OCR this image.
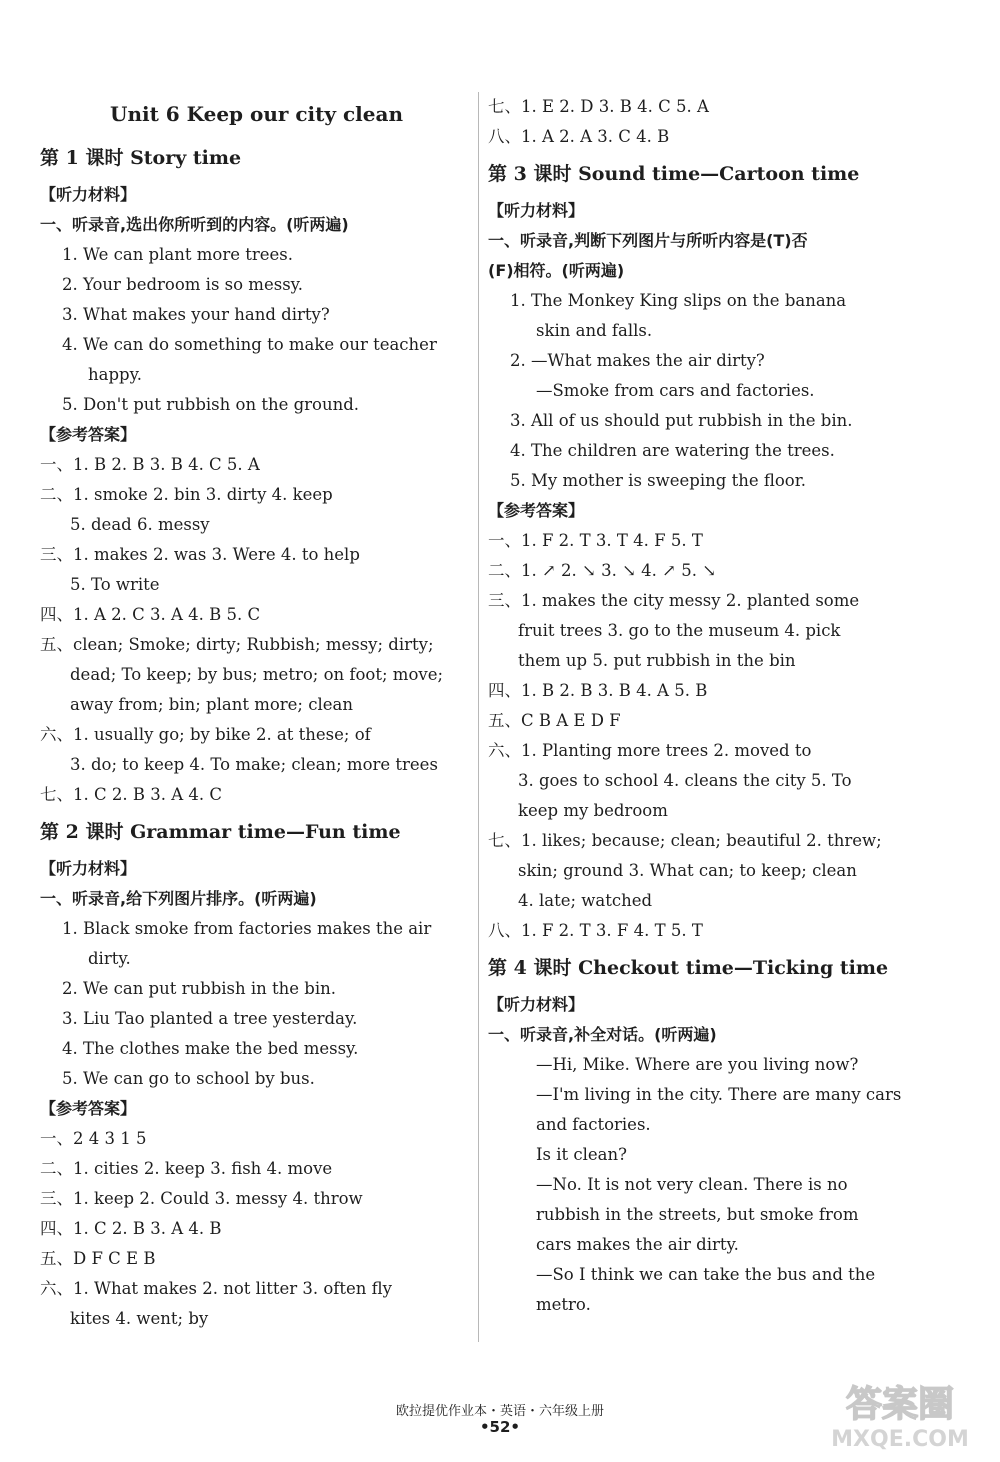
Unit 6 Keep our city clean
第 1 课时 Story time
【听力材料】
一、听录音,选出你所听到的内容。(听两遍)
1. We can plant more trees.
2. Your bedroom is so messy.
3. What makes your hand dirty?
4. We can do something to make our teacher
happy.
5. Don't put rubbish on the ground.
【参考答案】
一、1. B 2. B 3. B 4. C 5. A
二、1. smoke 2. bin 3. dirty 4. keep
5. dead 6. messy
三、1. makes 2. was 3. Were 4. to help
5. To write
四、1. A 2. C 3. A 4. B 5. C
五、clean; Smoke; dirty; Rubbish; messy; dirty;
dead; To keep; by bus; metro; on foot; move;
away from; bin; plant more; clean
六、1. usually go; by bike 2. at these; of
3. do; to keep 4. To make; clean; more trees
七、1. C 2. B 3. A 4. C
第 2 课时 Grammar time—Fun time
【听力材料】
一、听录音,给下列图片排序。(听两遍)
1. Black smoke from factories makes the air
dirty.
2. We can put rubbish in the bin.
3. Liu Tao planted a tree yesterday.
4. The clothes make the bed messy.
5. We can go to school by bus.
【参考答案】
一、2 4 3 1 5
二、1. cities 2. keep 3. fish 4. move
三、1. keep 2. Could 3. messy 4. throw
四、1. C 2. B 3. A 4. B
五、D F C E B
六、1. What makes 2. not litter 3. often fly
kites 4. went; by
七、1. E 2. D 3. B 4. C 5. A
八、1. A 2. A 3. C 4. B
第 3 课时 Sound time—Cartoon time
【听力材料】
一、听录音,判断下列图片与所听内容是(T)否
(F)相符。(听两遍)
1. The Monkey King slips on the banana
skin and falls.
2. —What makes the air dirty?
—Smoke from cars and factories.
3. All of us should put rubbish in the bin.
4. The children are watering the trees.
5. My mother is sweeping the floor.
【参考答案】
一、1. F 2. T 3. T 4. F 5. T
二、1. ↗ 2. ↘ 3. ↘ 4. ↗ 5. ↘
三、1. makes the city messy 2. planted some
fruit trees 3. go to the museum 4. pick
them up 5. put rubbish in the bin
四、1. B 2. B 3. B 4. A 5. B
五、C B A E D F
六、1. Planting more trees 2. moved to
3. goes to school 4. cleans the city 5. To
keep my bedroom
七、1. likes; because; clean; beautiful 2. threw;
skin; ground 3. What can; to keep; clean
4. late; watched
八、1. F 2. T 3. F 4. T 5. T
第 4 课时 Checkout time—Ticking time
【听力材料】
一、听录音,补全对话。(听两遍)
—Hi, Mike. Where are you living now?
—I'm living in the city. There are many cars
and factories.
Is it clean?
—No. It is not very clean. There is no
rubbish in the streets, but smoke from
cars makes the air dirty.
—So I think we can take the bus and the
metro.
欧拉提优作业本・英语・六年级上册
•52•
答案圈
MXQE.COM
